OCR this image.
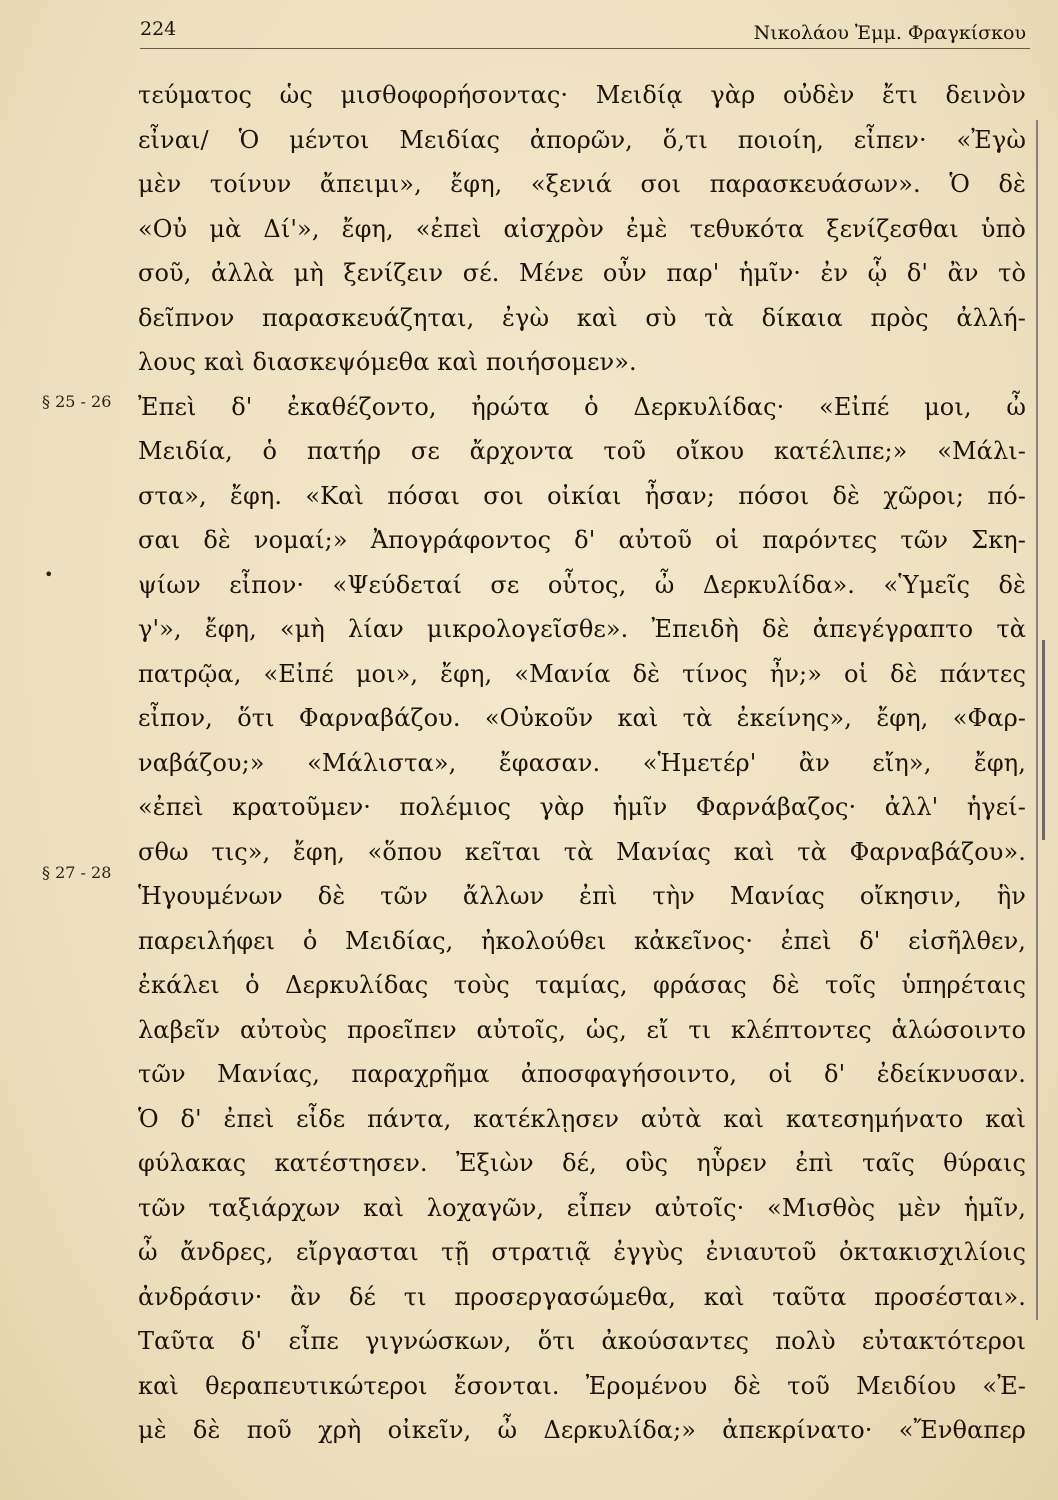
224	Νικολάου Ἐμμ. Φραγκίσκου
§ 25 - 26
•
§ 27 - 28
τεύματος ὡς μισθοφορήσοντας· Μειδίᾳ γὰρ οὐδὲν ἔτι δεινὸν
εἶναι/ Ὁ μέντοι Μειδίας ἀπορῶν, ὅ,τι ποιοίη, εἶπεν· «Ἐγὼ
μὲν τοίνυν ἄπειμι», ἔφη, «ξενιά σοι παρασκευάσων». Ὁ δὲ
«Οὐ μὰ Δί'», ἔφη, «ἐπεὶ αἰσχρὸν ἐμὲ τεθυκότα ξενίζεσθαι ὑπὸ
σοῦ, ἀλλὰ μὴ ξενίζειν σέ. Μένε οὖν παρ' ἡμῖν· ἐν ᾧ δ' ἂν τὸ
δεῖπνον παρασκευάζηται, ἐγὼ καὶ σὺ τὰ δίκαια πρὸς ἀλλή-
λους καὶ διασκεψόμεθα καὶ ποιήσομεν».
Ἐπεὶ δ' ἐκαθέζοντο, ἠρώτα ὁ Δερκυλίδας· «Εἰπέ μοι, ὦ
Μειδία, ὁ πατήρ σε ἄρχοντα τοῦ οἴκου κατέλιπε;» «Μάλι-
στα», ἔφη. «Καὶ πόσαι σοι οἰκίαι ἦσαν; πόσοι δὲ χῶροι; πό-
σαι δὲ νομαί;» Ἀπογράφοντος δ' αὐτοῦ οἱ παρόντες τῶν Σκη-
ψίων εἶπον· «Ψεύδεταί σε οὗτος, ὦ Δερκυλίδα». «Ὑμεῖς δὲ
γ'», ἔφη, «μὴ λίαν μικρολογεῖσθε». Ἐπειδὴ δὲ ἀπεγέγραπτο τὰ
πατρῷα, «Εἰπέ μοι», ἔφη, «Μανία δὲ τίνος ἦν;» οἱ δὲ πάντες
εἶπον, ὅτι Φαρναβάζου. «Οὐκοῦν καὶ τὰ ἐκείνης», ἔφη, «Φαρ-
ναβάζου;» «Μάλιστα», ἔφασαν. «Ἡμετέρ' ἂν εἴη», ἔφη,
«ἐπεὶ κρατοῦμεν· πολέμιος γὰρ ἡμῖν Φαρνάβαζος· ἀλλ' ἡγεί-
σθω τις», ἔφη, «ὅπου κεῖται τὰ Μανίας καὶ τὰ Φαρναβάζου».
Ἡγουμένων δὲ τῶν ἄλλων ἐπὶ τὴν Μανίας οἴκησιν, ἣν
παρειλήφει ὁ Μειδίας, ἠκολούθει κἀκεῖνος· ἐπεὶ δ' εἰσῆλθεν,
ἐκάλει ὁ Δερκυλίδας τοὺς ταμίας, φράσας δὲ τοῖς ὑπηρέταις
λαβεῖν αὐτοὺς προεῖπεν αὐτοῖς, ὡς, εἴ τι κλέπτοντες ἁλώσοιντο
τῶν Μανίας, παραχρῆμα ἀποσφαγήσοιντο, οἱ δ' ἐδείκνυσαν.
Ὁ δ' ἐπεὶ εἶδε πάντα, κατέκλῃσεν αὐτὰ καὶ κατεσημήνατο καὶ
φύλακας κατέστησεν. Ἐξιὼν δέ, οὓς ηὗρεν ἐπὶ ταῖς θύραις
τῶν ταξιάρχων καὶ λοχαγῶν, εἶπεν αὐτοῖς· «Μισθὸς μὲν ἡμῖν,
ὦ ἄνδρες, εἴργασται τῇ στρατιᾷ ἐγγὺς ἐνιαυτοῦ ὀκτακισχιλίοις
ἀνδράσιν· ἂν δέ τι προσεργασώμεθα, καὶ ταῦτα προσέσται».
Ταῦτα δ' εἶπε γιγνώσκων, ὅτι ἀκούσαντες πολὺ εὐτακτότεροι
καὶ θεραπευτικώτεροι ἔσονται. Ἐρομένου δὲ τοῦ Μειδίου «Ἐ-
μὲ δὲ ποῦ χρὴ οἰκεῖν, ὦ Δερκυλίδα;» ἀπεκρίνατο· «Ἔνθαπερ
